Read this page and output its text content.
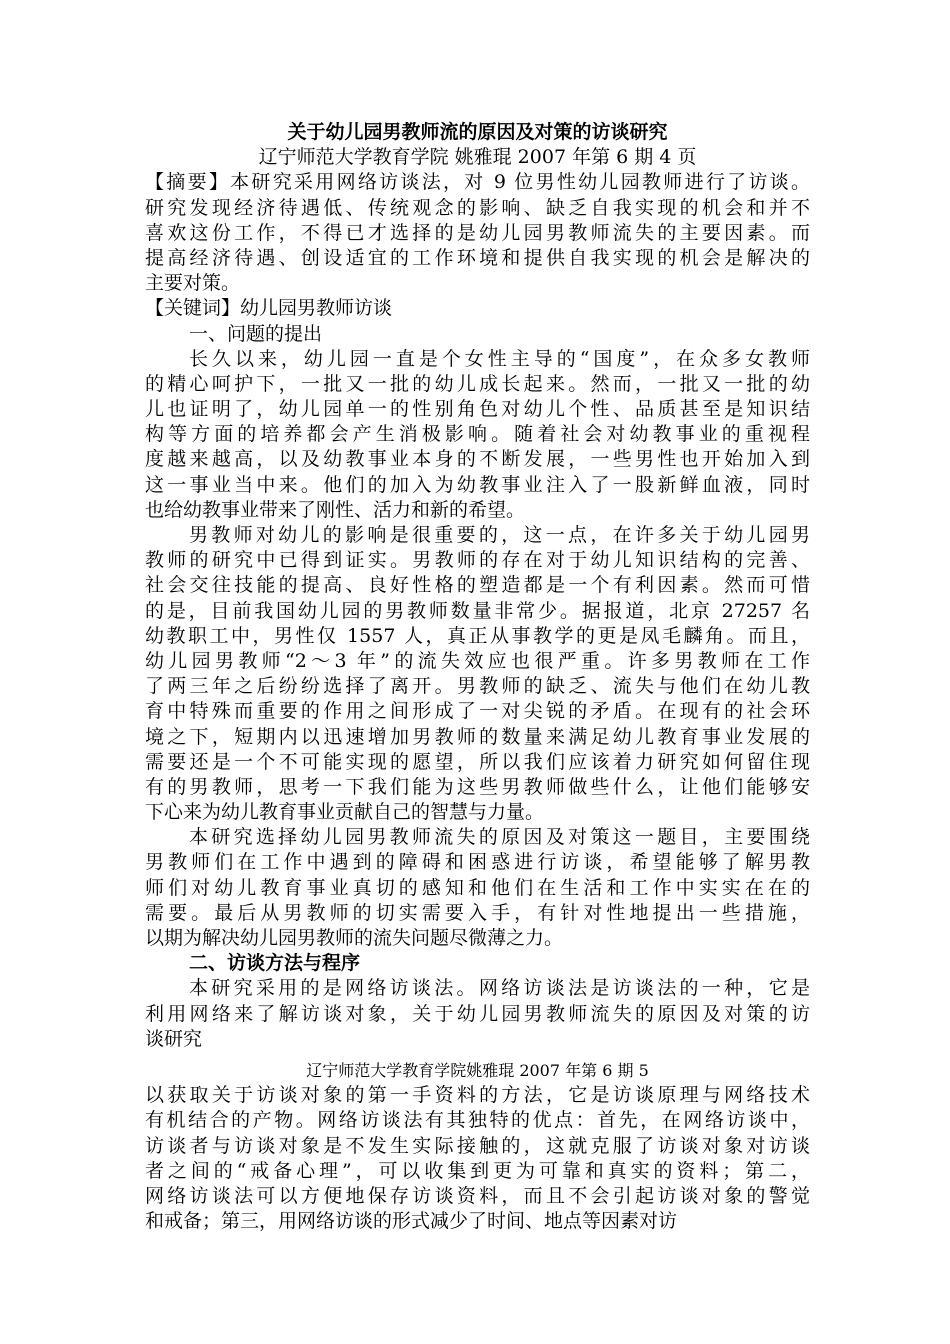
关于幼儿园男教师流的原因及对策的访谈研究
辽宁师范大学教育学院 姚雅琨 2007 年第 6 期 4 页
【摘要】本研究采用网络访谈法，对 9 位男性幼儿园教师进行了访谈。
研究发现经济待遇低、传统观念的影响、缺乏自我实现的机会和并不
喜欢这份工作，不得已才选择的是幼儿园男教师流失的主要因素。而
提高经济待遇、创设适宜的工作环境和提供自我实现的机会是解决的
主要对策。
【关键词】幼儿园男教师访谈
一、问题的提出
长久以来，幼儿园一直是个女性主导的“国度”，在众多女教师
的精心呵护下，一批又一批的幼儿成长起来。然而，一批又一批的幼
儿也证明了，幼儿园单一的性别角色对幼儿个性、品质甚至是知识结
构等方面的培养都会产生消极影响。随着社会对幼教事业的重视程
度越来越高，以及幼教事业本身的不断发展，一些男性也开始加入到
这一事业当中来。他们的加入为幼教事业注入了一股新鲜血液，同时
也给幼教事业带来了刚性、活力和新的希望。
男教师对幼儿的影响是很重要的，这一点，在许多关于幼儿园男
教师的研究中已得到证实。男教师的存在对于幼儿知识结构的完善、
社会交往技能的提高、良好性格的塑造都是一个有利因素。然而可惜
的是，目前我国幼儿园的男教师数量非常少。据报道，北京 27257 名
幼教职工中，男性仅 1557 人，真正从事教学的更是凤毛麟角。而且，
幼儿园男教师“2～3 年”的流失效应也很严重。许多男教师在工作
了两三年之后纷纷选择了离开。男教师的缺乏、流失与他们在幼儿教
育中特殊而重要的作用之间形成了一对尖锐的矛盾。在现有的社会环
境之下，短期内以迅速增加男教师的数量来满足幼儿教育事业发展的
需要还是一个不可能实现的愿望，所以我们应该着力研究如何留住现
有的男教师，思考一下我们能为这些男教师做些什么，让他们能够安
下心来为幼儿教育事业贡献自己的智慧与力量。
本研究选择幼儿园男教师流失的原因及对策这一题目，主要围绕
男教师们在工作中遇到的障碍和困惑进行访谈，希望能够了解男教
师们对幼儿教育事业真切的感知和他们在生活和工作中实实在在的
需要。最后从男教师的切实需要入手，有针对性地提出一些措施，
以期为解决幼儿园男教师的流失问题尽微薄之力。
二、访谈方法与程序
本研究采用的是网络访谈法。网络访谈法是访谈法的一种，它是
利用网络来了解访谈对象，关于幼儿园男教师流失的原因及对策的访
谈研究
辽宁师范大学教育学院姚雅琨 2007 年第 6 期 5
以获取关于访谈对象的第一手资料的方法，它是访谈原理与网络技术
有机结合的产物。网络访谈法有其独特的优点：首先，在网络访谈中，
访谈者与访谈对象是不发生实际接触的，这就克服了访谈对象对访谈
者之间的“戒备心理”，可以收集到更为可靠和真实的资料；第二，
网络访谈法可以方便地保存访谈资料，而且不会引起访谈对象的警觉
和戒备；第三，用网络访谈的形式减少了时间、地点等因素对访
